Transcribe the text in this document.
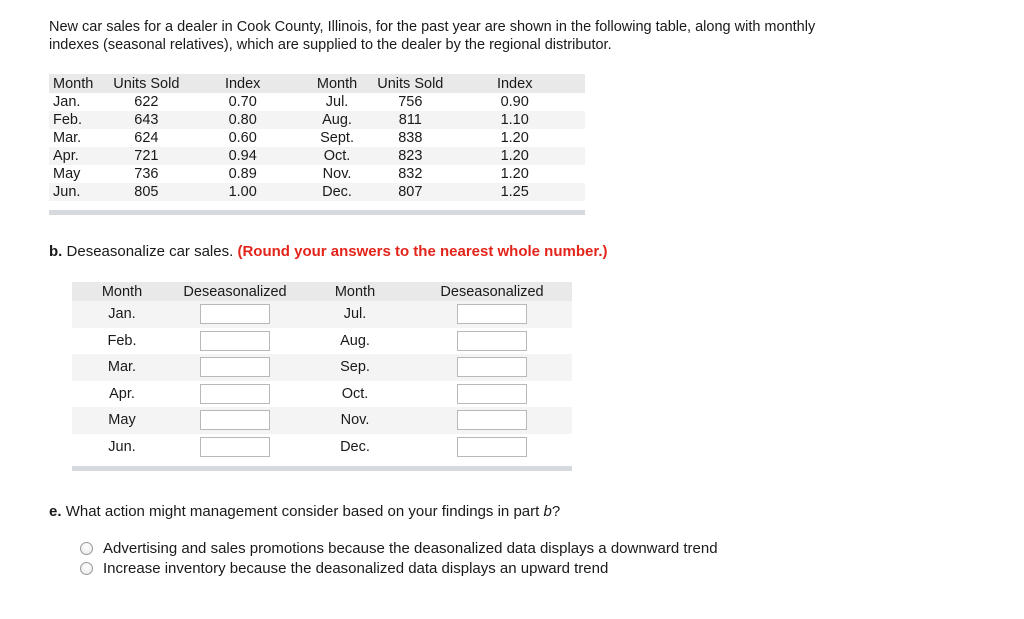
New car sales for a dealer in Cook County, Illinois, for the past year are shown in the following table, along with monthly indexes (seasonal relatives), which are supplied to the dealer by the regional distributor.
Month	Units Sold	Index	Month	Units Sold	Index
Jan.	622	0.70	Jul.	756	0.90
Feb.	643	0.80	Aug.	811	1.10
Mar.	624	0.60	Sept.	838	1.20
Apr.	721	0.94	Oct.	823	1.20
May	736	0.89	Nov.	832	1.20
Jun.	805	1.00	Dec.	807	1.25
b. Deseasonalize car sales. (Round your answers to the nearest whole number.)
Month	Deseasonalized	Month	Deseasonalized
Jan.		Jul.	
Feb.		Aug.	
Mar.		Sep.	
Apr.		Oct.	
May		Nov.	
Jun.		Dec.	
e. What action might management consider based on your findings in part b?
Advertising and sales promotions because the deasonalized data displays a downward trend
Increase inventory because the deasonalized data displays an upward trend
